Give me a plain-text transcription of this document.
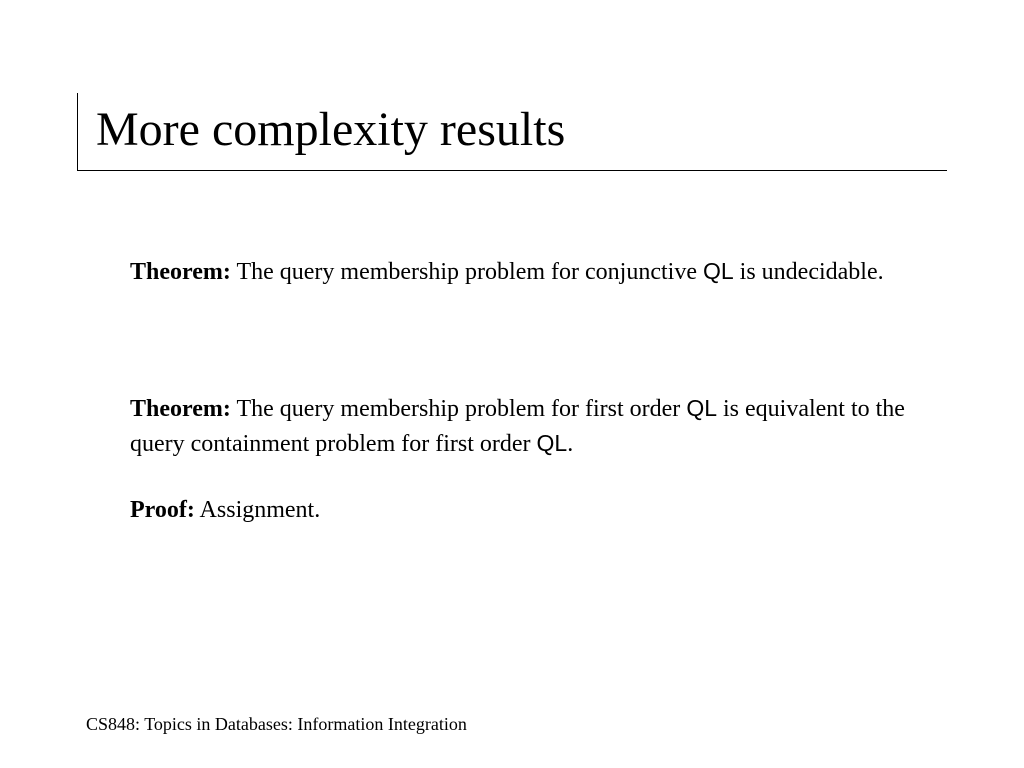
More complexity results

Theorem: The query membership problem for conjunctive QL is undecidable.

Theorem: The query membership problem for first order QL is equivalent to the query containment problem for first order QL.

Proof: Assignment.

CS848: Topics in Databases: Information Integration
